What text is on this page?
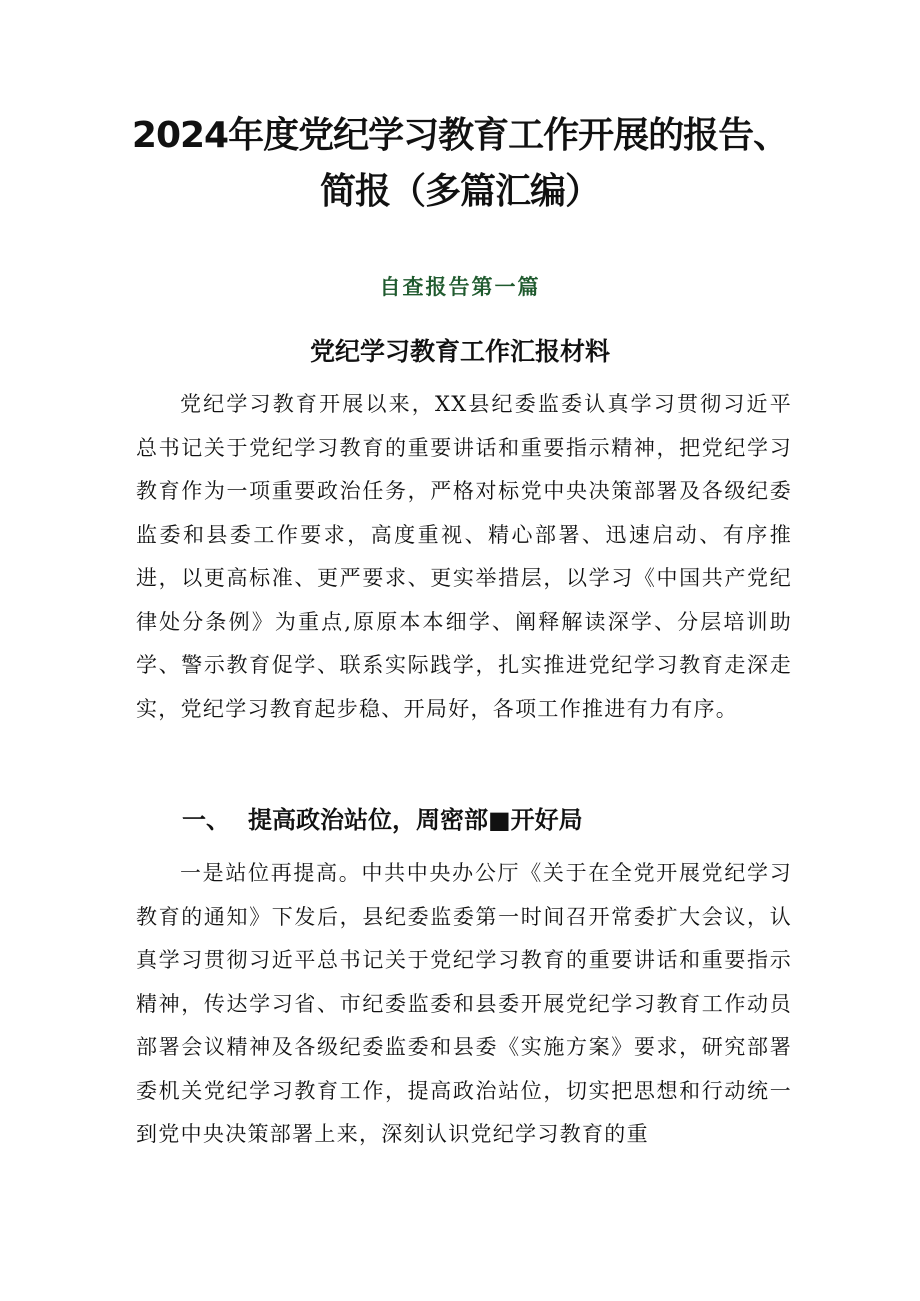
2024年度党纪学习教育工作开展的报告、
简报（多篇汇编）
自查报告第一篇
党纪学习教育工作汇报材料

党纪学习教育开展以来，XX县纪委监委认真学习贯彻习近平总书记关于党纪学习教育的重要讲话和重要指示精神，把党纪学习教育作为一项重要政治任务，严格对标党中央决策部署及各级纪委监委和县委工作要求，高度重视、精心部署、迅速启动、有序推进，以更高标准、更严要求、更实举措层，以学习《中国共产党纪律处分条例》为重点,原原本本细学、阐释解读深学、分层培训助学、警示教育促学、联系实际践学，扎实推进党纪学习教育走深走实，党纪学习教育起步稳、开局好，各项工作推进有力有序。

一、 提高政治站位，周密部■开好局

一是站位再提高。中共中央办公厅《关于在全党开展党纪学习教育的通知》下发后，县纪委监委第一时间召开常委扩大会议，认真学习贯彻习近平总书记关于党纪学习教育的重要讲话和重要指示精神，传达学习省、市纪委监委和县委开展党纪学习教育工作动员部署会议精神及各级纪委监委和县委《实施方案》要求，研究部署委机关党纪学习教育工作，提高政治站位，切实把思想和行动统一到党中央决策部署上来，深刻认识党纪学习教育的重
